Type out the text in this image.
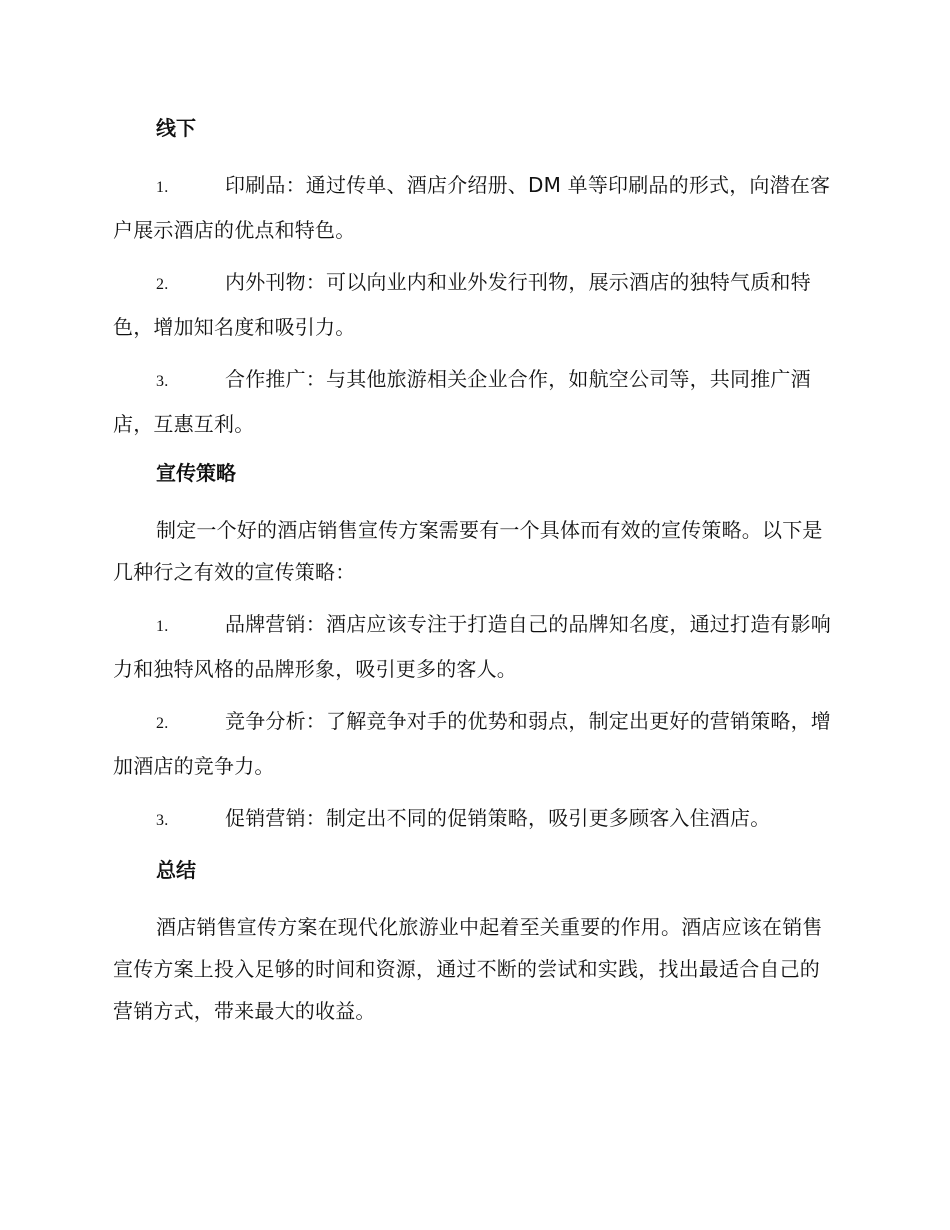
线下
1.	印刷品：通过传单、酒店介绍册、DM 单等印刷品的形式，向潜在客户展示酒店的优点和特色。
2.	内外刊物：可以向业内和业外发行刊物，展示酒店的独特气质和特色，增加知名度和吸引力。
3.	合作推广：与其他旅游相关企业合作，如航空公司等，共同推广酒店，互惠互利。
宣传策略
制定一个好的酒店销售宣传方案需要有一个具体而有效的宣传策略。以下是几种行之有效的宣传策略：
1.	品牌营销：酒店应该专注于打造自己的品牌知名度，通过打造有影响力和独特风格的品牌形象，吸引更多的客人。
2.	竞争分析：了解竞争对手的优势和弱点，制定出更好的营销策略，增加酒店的竞争力。
3.	促销营销：制定出不同的促销策略，吸引更多顾客入住酒店。
总结
酒店销售宣传方案在现代化旅游业中起着至关重要的作用。酒店应该在销售宣传方案上投入足够的时间和资源，通过不断的尝试和实践，找出最适合自己的营销方式，带来最大的收益。
